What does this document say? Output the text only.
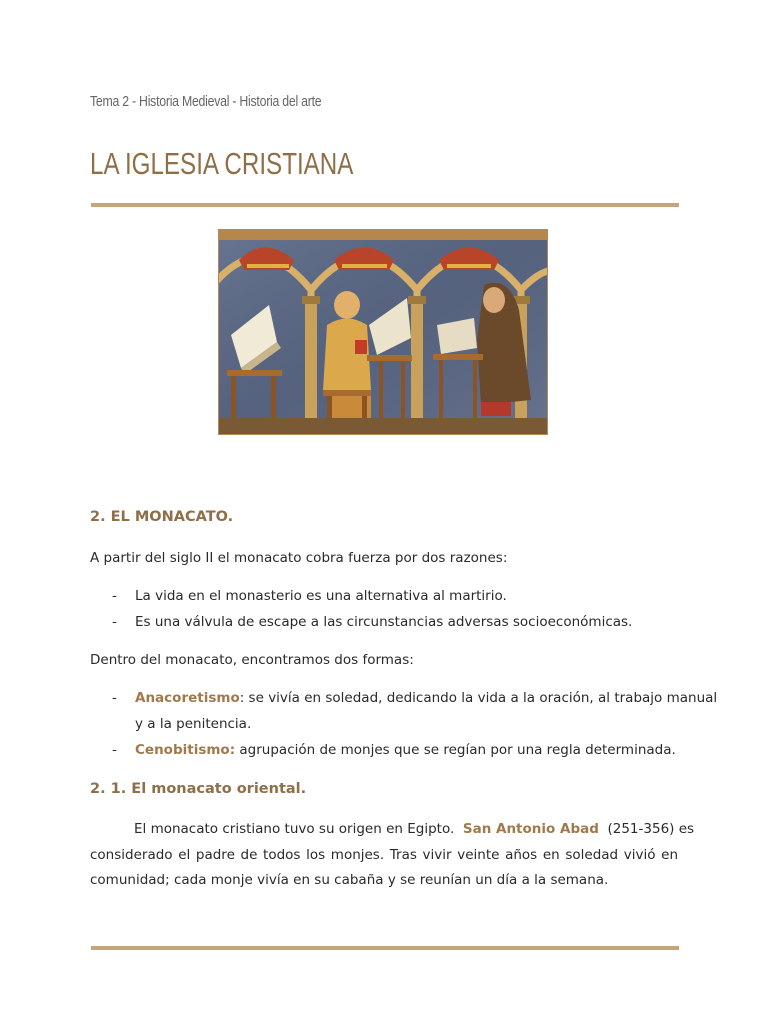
Tema 2 - Historia Medieval - Historia del arte
LA IGLESIA CRISTIANA
2. EL MONACATO.
A partir del siglo II el monacato cobra fuerza por dos razones:
- La vida en el monasterio es una alternativa al martirio.
- Es una válvula de escape a las circunstancias adversas socioeconómicas.
Dentro del monacato, encontramos dos formas:
- Anacoretismo: se vivía en soledad, dedicando la vida a la oración, al trabajo manual
y a la penitencia.
- Cenobitismo: agrupación de monjes que se regían por una regla determinada.
2. 1. El monacato oriental.
El monacato cristiano tuvo su origen en Egipto. San Antonio Abad (251-356) es
considerado el padre de todos los monjes. Tras vivir veinte años en soledad vivió en
comunidad; cada monje vivía en su cabaña y se reunían un día a la semana.
